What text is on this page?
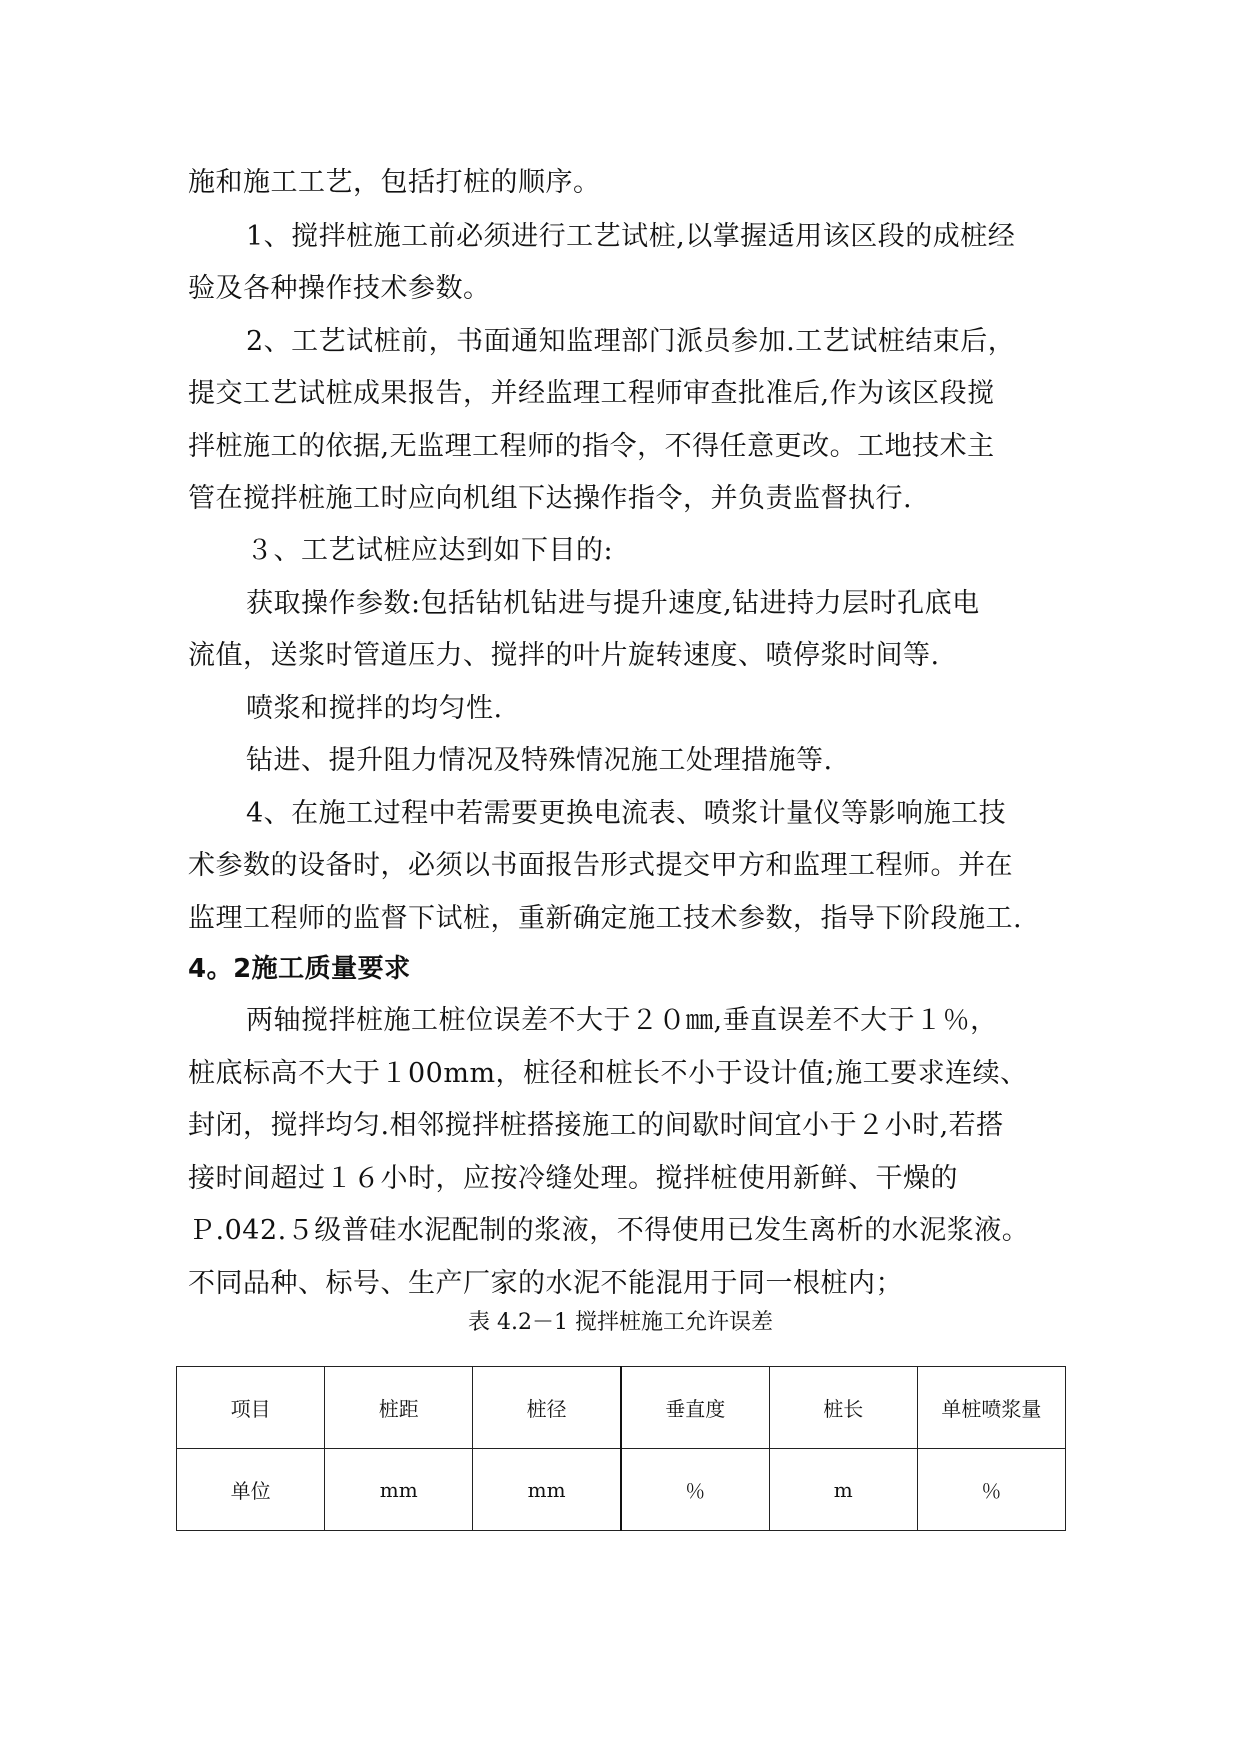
施和施工工艺，包括打桩的顺序。
1、搅拌桩施工前必须进行工艺试桩,以掌握适用该区段的成桩经
验及各种操作技术参数。
2、工艺试桩前，书面通知监理部门派员参加.工艺试桩结束后，
提交工艺试桩成果报告，并经监理工程师审查批准后,作为该区段搅
拌桩施工的依据,无监理工程师的指令，不得任意更改。工地技术主
管在搅拌桩施工时应向机组下达操作指令，并负责监督执行.
３、工艺试桩应达到如下目的:
获取操作参数:包括钻机钻进与提升速度,钻进持力层时孔底电
流值，送浆时管道压力、搅拌的叶片旋转速度、喷停浆时间等.
喷浆和搅拌的均匀性.
钻进、提升阻力情况及特殊情况施工处理措施等.
4、在施工过程中若需要更换电流表、喷浆计量仪等影响施工技
术参数的设备时，必须以书面报告形式提交甲方和监理工程师。并在
监理工程师的监督下试桩，重新确定施工技术参数，指导下阶段施工.
4。2施工质量要求
两轴搅拌桩施工桩位误差不大于２０㎜,垂直误差不大于１％，
桩底标高不大于１00mm，桩径和桩长不小于设计值;施工要求连续、
封闭，搅拌均匀.相邻搅拌桩搭接施工的间歇时间宜小于２小时,若搭
接时间超过１６小时，应按冷缝处理。搅拌桩使用新鲜、干燥的
Ｐ.042.５级普硅水泥配制的浆液，不得使用已发生离析的水泥浆液。
不同品种、标号、生产厂家的水泥不能混用于同一根桩内；
表 4.2－1 搅拌桩施工允许误差
项目	桩距	桩径	垂直度	桩长	单桩喷浆量
单位	mm	mm	％	m	％
